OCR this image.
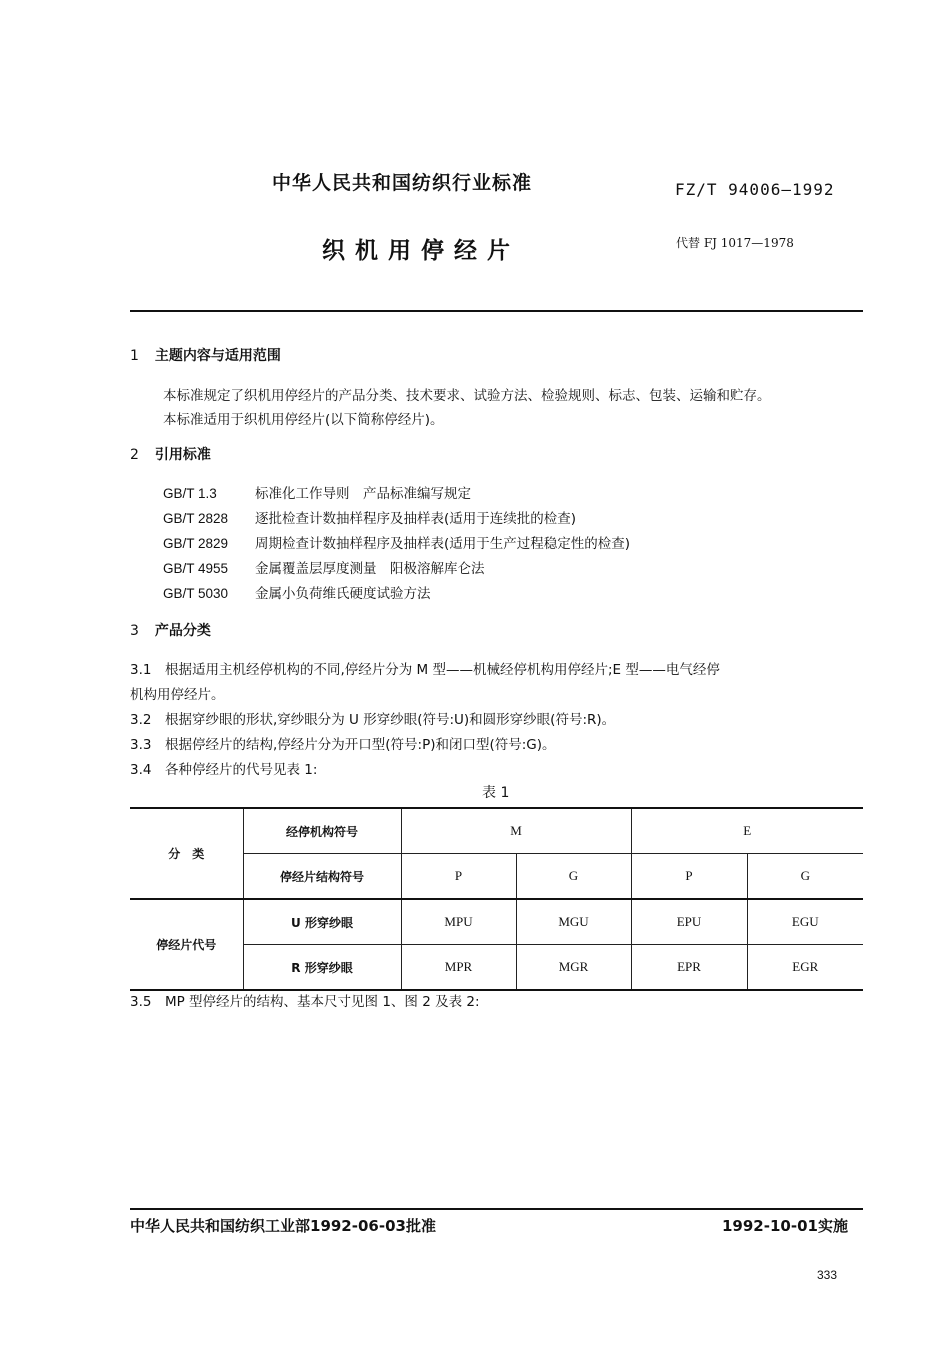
中华人民共和国纺织行业标准	FZ/T 94006—1992
织机用停经片	代替 FJ 1017—1978
1 主题内容与适用范围
本标准规定了织机用停经片的产品分类、技术要求、试验方法、检验规则、标志、包装、运输和贮存。
本标准适用于织机用停经片(以下简称停经片)。
2 引用标准
GB/T 1.3	标准化工作导则　产品标准编写规定
GB/T 2828 逐批检查计数抽样程序及抽样表(适用于连续批的检查)
GB/T 2829 周期检查计数抽样程序及抽样表(适用于生产过程稳定性的检查)
GB/T 4955 金属覆盖层厚度测量　阳极溶解库仑法
GB/T 5030 金属小负荷维氏硬度试验方法
3 产品分类
3.1　根据适用主机经停机构的不同,停经片分为 M 型——机械经停机构用停经片;E 型——电气经停
机构用停经片。
3.2　根据穿纱眼的形状,穿纱眼分为 U 形穿纱眼(符号:U)和圆形穿纱眼(符号:R)。
3.3　根据停经片的结构,停经片分为开口型(符号:P)和闭口型(符号:G)。
3.4　各种停经片的代号见表 1:
表 1
分　类	经停机构符号	M		E	
	停经片结构符号	P	G	P	G
停经片代号	U 形穿纱眼	MPU	MGU	EPU	EGU
	R 形穿纱眼	MPR	MGR	EPR	EGR
3.5　MP 型停经片的结构、基本尺寸见图 1、图 2 及表 2:
中华人民共和国纺织工业部1992-06-03批准	1992-10-01实施
333
